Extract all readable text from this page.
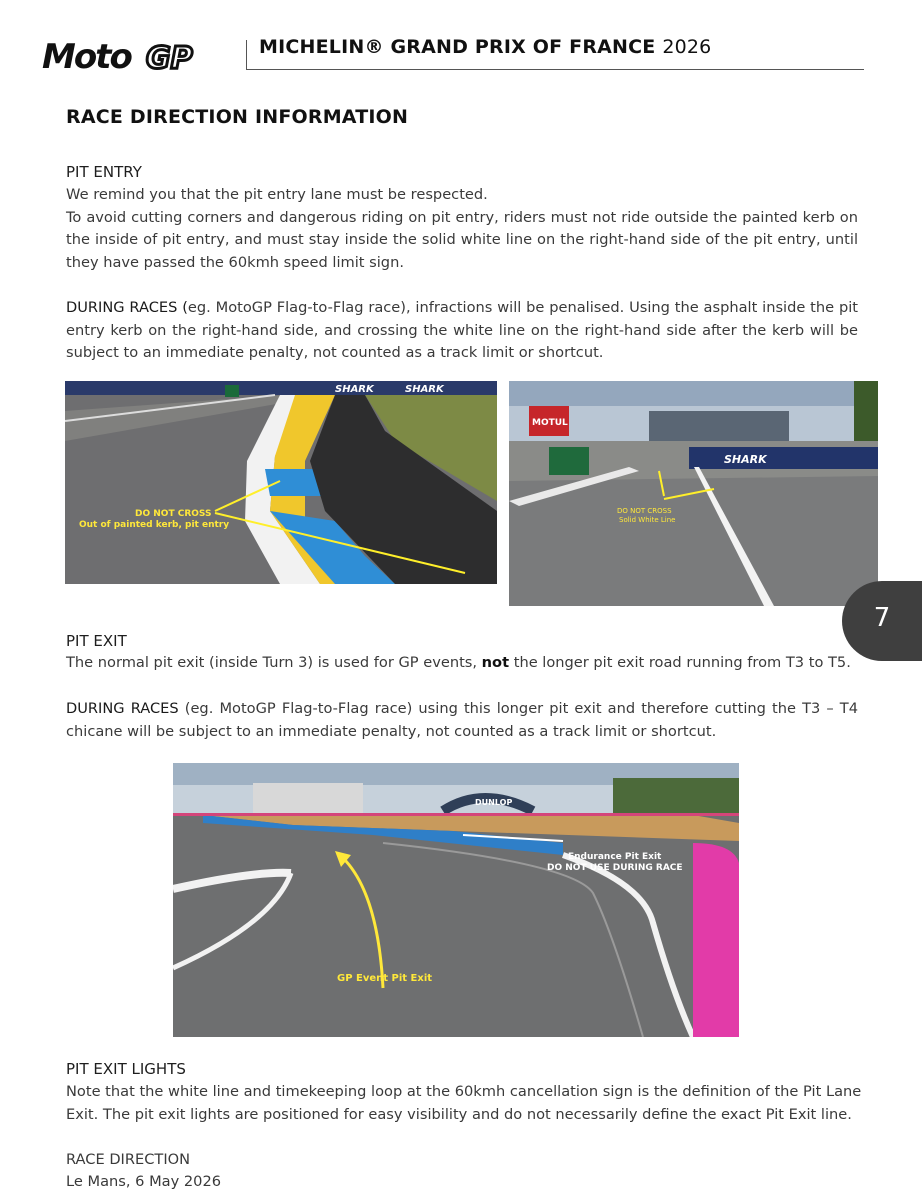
Moto GP	MICHELIN® GRAND PRIX OF FRANCE 2026
RACE DIRECTION INFORMATION
PIT ENTRY
We remind you that the pit entry lane must be respected.
To avoid cutting corners and dangerous riding on pit entry, riders must not ride outside the painted kerb on the inside of pit entry, and must stay inside the solid white line on the right-hand side of the pit entry, until they have passed the 60kmh speed limit sign.
DURING RACES (eg. MotoGP Flag-to-Flag race), infractions will be penalised. Using the asphalt inside the pit entry kerb on the right-hand side, and crossing the white line on the right-hand side after the kerb will be subject to an immediate penalty, not counted as a track limit or shortcut.
SHARK	SHARK
DO NOT CROSS
Out of painted kerb, pit entry
MOTUL
SHARK
DO NOT CROSS
Solid White Line
7
PIT EXIT
The normal pit exit (inside Turn 3) is used for GP events, not the longer pit exit road running from T3 to T5.
DURING RACES (eg. MotoGP Flag-to-Flag race) using this longer pit exit and therefore cutting the T3 – T4 chicane will be subject to an immediate penalty, not counted as a track limit or shortcut.
DUNLOP
Endurance Pit Exit
DO NOT USE DURING RACE
GP Event Pit Exit
PIT EXIT LIGHTS
Note that the white line and timekeeping loop at the 60kmh cancellation sign is the definition of the Pit Lane Exit. The pit exit lights are positioned for easy visibility and do not necessarily define the exact Pit Exit line.
RACE DIRECTION
Le Mans, 6 May 2026
